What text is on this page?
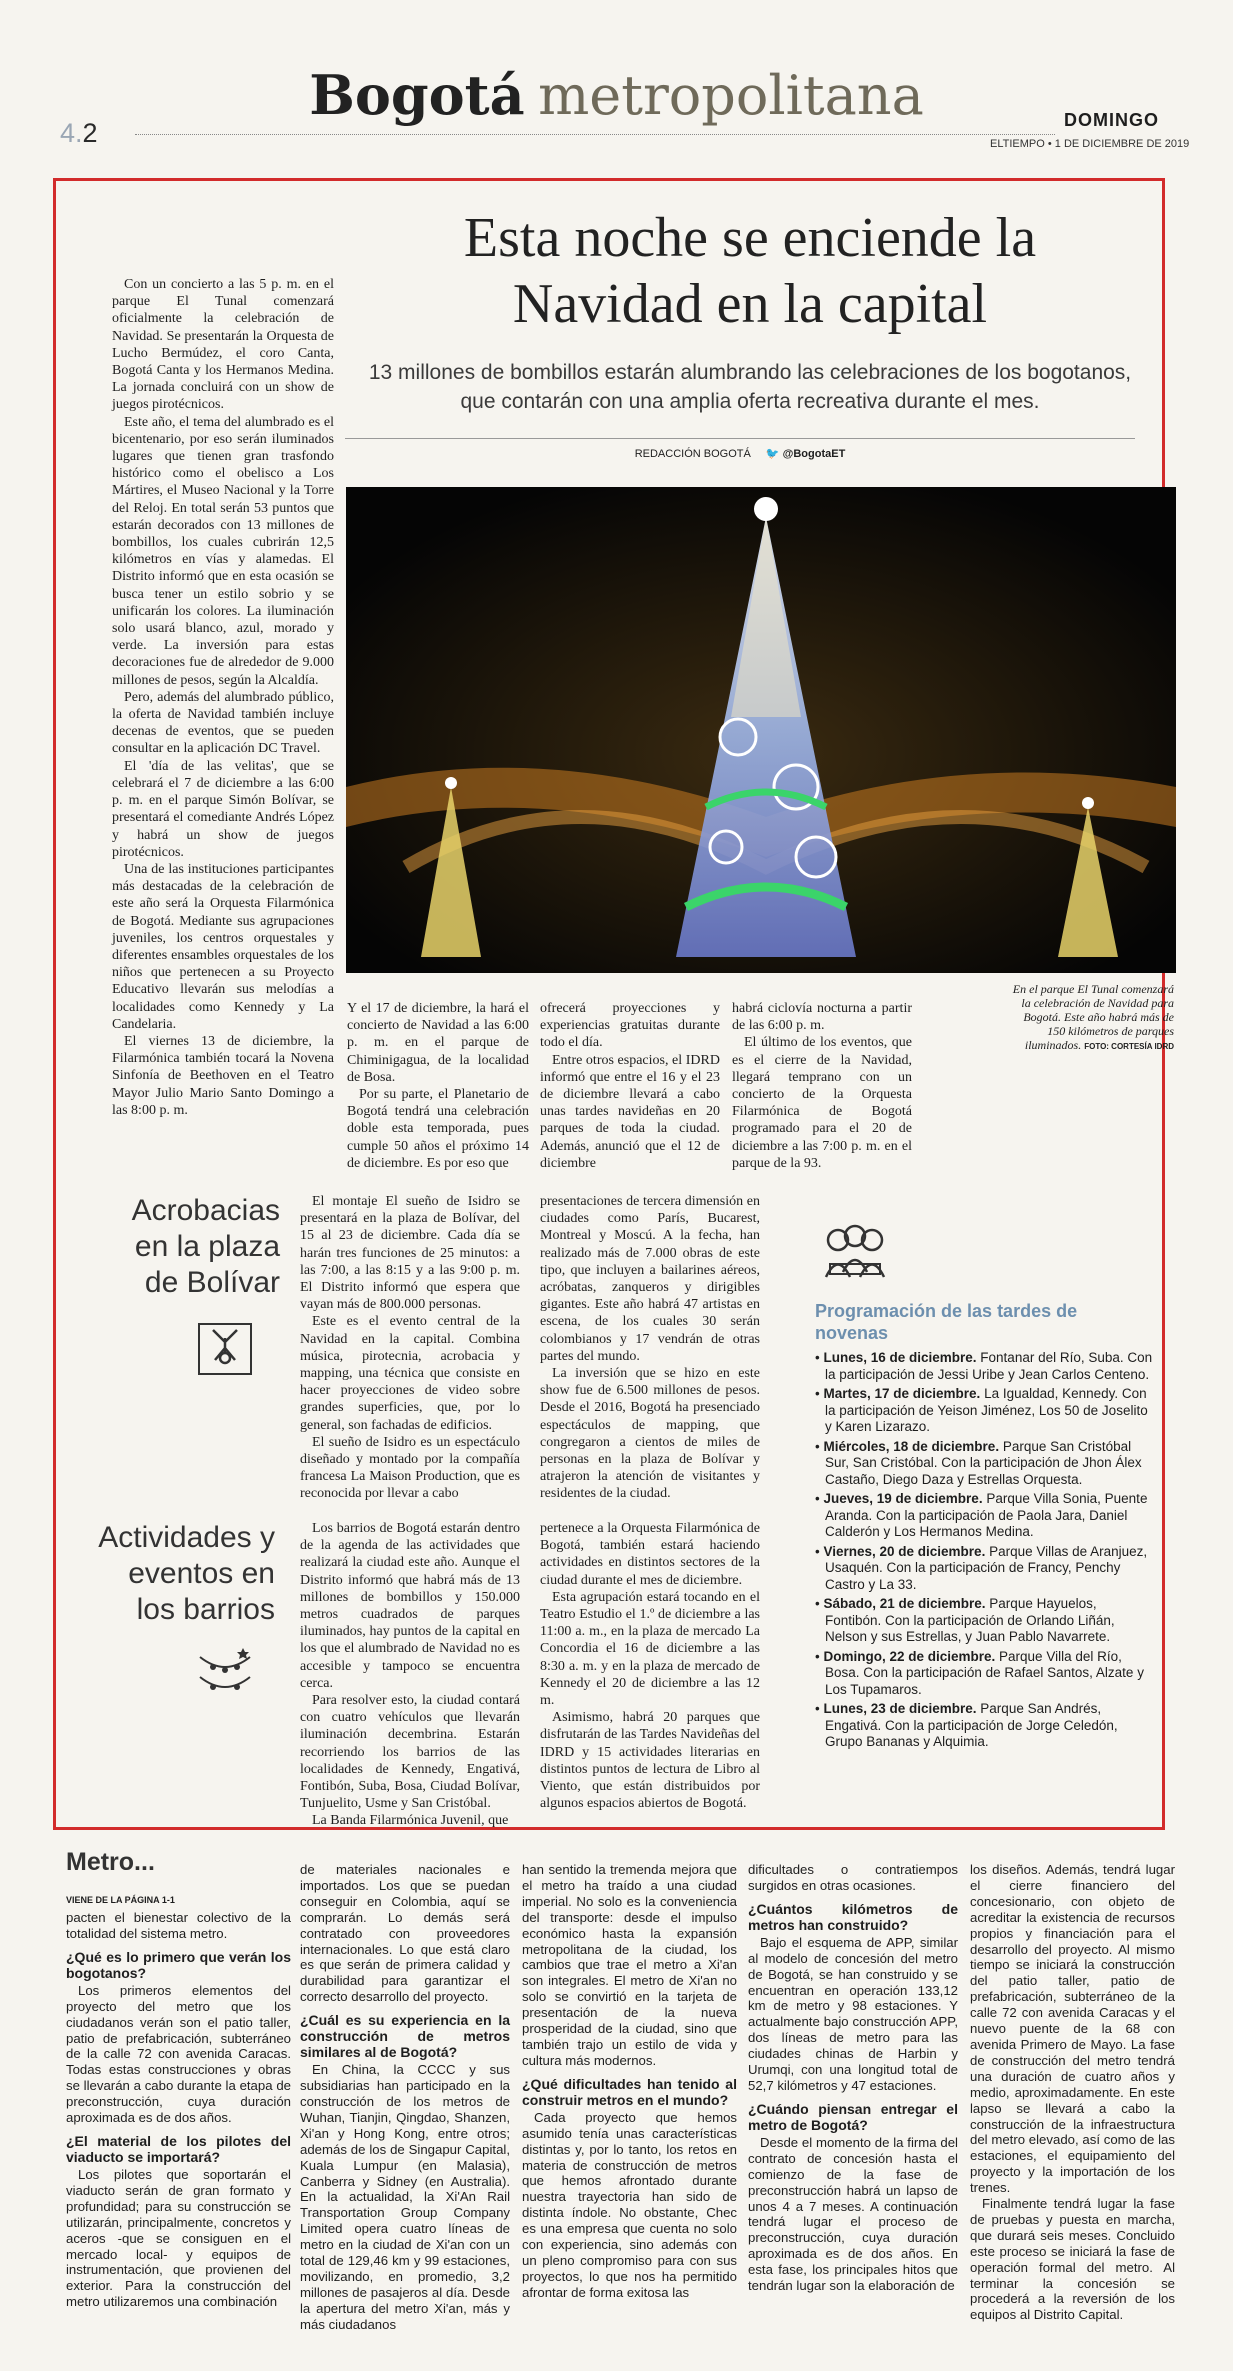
Bogotá metropolitana
4.2	DOMINGO
ELTIEMPO • 1 DE DICIEMBRE DE 2019
Esta noche se enciende la
Navidad en la capital
13 millones de bombillos estarán alumbrando las celebraciones de los bogotanos, que contarán con una amplia oferta recreativa durante el mes.
REDACCIÓN BOGOTÁ 🐦 @BogotaET
En el parque El Tunal comenzará la celebración de Navidad para Bogotá. Este año habrá más de 150 kilómetros de parques iluminados. FOTO: CORTESÍA IDRD

Con un concierto a las 5 p. m. en el parque El Tunal comenzará oficialmente la celebración de Navidad. Se presentarán la Orquesta de Lucho Bermúdez, el coro Canta, Bogotá Canta y los Hermanos Medina. La jornada concluirá con un show de juegos pirotécnicos.

Este año, el tema del alumbrado es el bicentenario, por eso serán iluminados lugares que tienen gran trasfondo histórico como el obelisco a Los Mártires, el Museo Nacional y la Torre del Reloj. En total serán 53 puntos que estarán decorados con 13 millones de bombillos, los cuales cubrirán 12,5 kilómetros en vías y alamedas. El Distrito informó que en esta ocasión se busca tener un estilo sobrio y se unificarán los colores. La iluminación solo usará blanco, azul, morado y verde. La inversión para estas decoraciones fue de alrededor de 9.000 millones de pesos, según la Alcaldía.

Pero, además del alumbrado público, la oferta de Navidad también incluye decenas de eventos, que se pueden consultar en la aplicación DC Travel.

El 'día de las velitas', que se celebrará el 7 de diciembre a las 6:00 p. m. en el parque Simón Bolívar, se presentará el comediante Andrés López y habrá un show de juegos pirotécnicos.

Una de las instituciones participantes más destacadas de la celebración de este año será la Orquesta Filarmónica de Bogotá. Mediante sus agrupaciones juveniles, los centros orquestales y diferentes ensambles orquestales de los niños que pertenecen a su Proyecto Educativo llevarán sus melodías a localidades como Kennedy y La Candelaria.

El viernes 13 de diciembre, la Filarmónica también tocará la Novena Sinfonía de Beethoven en el Teatro Mayor Julio Mario Santo Domingo a las 8:00 p. m.

Y el 17 de diciembre, la hará el concierto de Navidad a las 6:00 p. m. en el parque de Chiminigagua, de la localidad de Bosa.

Por su parte, el Planetario de Bogotá tendrá una celebración doble esta temporada, pues cumple 50 años el próximo 14 de diciembre. Es por eso que

ofrecerá proyecciones y experiencias gratuitas durante todo el día.

Entre otros espacios, el IDRD informó que entre el 16 y el 23 de diciembre llevará a cabo unas tardes navideñas en 20 parques de toda la ciudad. Además, anunció que el 12 de diciembre

habrá ciclovía nocturna a partir de las 6:00 p. m.

El último de los eventos, que es el cierre de la Navidad, llegará temprano con un concierto de la Orquesta Filarmónica de Bogotá programado para el 20 de diciembre a las 7:00 p. m. en el parque de la 93.

Acrobacias
en la plaza
de Bolívar

El montaje El sueño de Isidro se presentará en la plaza de Bolívar, del 15 al 23 de diciembre. Cada día se harán tres funciones de 25 minutos: a las 7:00, a las 8:15 y a las 9:00 p. m. El Distrito informó que espera que vayan más de 800.000 personas.

Este es el evento central de la Navidad en la capital. Combina música, pirotecnia, acrobacia y mapping, una técnica que consiste en hacer proyecciones de video sobre grandes superficies, que, por lo general, son fachadas de edificios.

El sueño de Isidro es un espectáculo diseñado y montado por la compañía francesa La Maison Production, que es reconocida por llevar a cabo

presentaciones de tercera dimensión en ciudades como París, Bucarest, Montreal y Moscú. A la fecha, han realizado más de 7.000 obras de este tipo, que incluyen a bailarines aéreos, acróbatas, zanqueros y dirigibles gigantes. Este año habrá 47 artistas en escena, de los cuales 30 serán colombianos y 17 vendrán de otras partes del mundo.

La inversión que se hizo en este show fue de 6.500 millones de pesos. Desde el 2016, Bogotá ha presenciado espectáculos de mapping, que congregaron a cientos de miles de personas en la plaza de Bolívar y atrajeron la atención de visitantes y residentes de la ciudad.

Actividades y
eventos en
los barrios

Los barrios de Bogotá estarán dentro de la agenda de las actividades que realizará la ciudad este año. Aunque el Distrito informó que habrá más de 13 millones de bombillos y 150.000 metros cuadrados de parques iluminados, hay puntos de la capital en los que el alumbrado de Navidad no es accesible y tampoco se encuentra cerca.

Para resolver esto, la ciudad contará con cuatro vehículos que llevarán iluminación decembrina. Estarán recorriendo los barrios de las localidades de Kennedy, Engativá, Fontibón, Suba, Bosa, Ciudad Bolívar, Tunjuelito, Usme y San Cristóbal.

La Banda Filarmónica Juvenil, que

pertenece a la Orquesta Filarmónica de Bogotá, también estará haciendo actividades en distintos sectores de la ciudad durante el mes de diciembre.

Esta agrupación estará tocando en el Teatro Estudio el 1.º de diciembre a las 11:00 a. m., en la plaza de mercado La Concordia el 16 de diciembre a las 8:30 a. m. y en la plaza de mercado de Kennedy el 20 de diciembre a las 12 m.

Asimismo, habrá 20 parques que disfrutarán de las Tardes Navideñas del IDRD y 15 actividades literarias en distintos puntos de lectura de Libro al Viento, que están distribuidos por algunos espacios abiertos de Bogotá.

Programación de las tardes de novenas
• Lunes, 16 de diciembre. Fontanar del Río, Suba. Con la participación de Jessi Uribe y Jean Carlos Centeno.
• Martes, 17 de diciembre. La Igualdad, Kennedy. Con la participación de Yeison Jiménez, Los 50 de Joselito y Karen Lizarazo.
• Miércoles, 18 de diciembre. Parque San Cristóbal Sur, San Cristóbal. Con la participación de Jhon Álex Castaño, Diego Daza y Estrellas Orquesta.
• Jueves, 19 de diciembre. Parque Villa Sonia, Puente Aranda. Con la participación de Paola Jara, Daniel Calderón y Los Hermanos Medina.
• Viernes, 20 de diciembre. Parque Villas de Aranjuez, Usaquén. Con la participación de Francy, Penchy Castro y La 33.
• Sábado, 21 de diciembre. Parque Hayuelos, Fontibón. Con la participación de Orlando Liñán, Nelson y sus Estrellas, y Juan Pablo Navarrete.
• Domingo, 22 de diciembre. Parque Villa del Río, Bosa. Con la participación de Rafael Santos, Alzate y Los Tupamaros.
• Lunes, 23 de diciembre. Parque San Andrés, Engativá. Con la participación de Jorge Celedón, Grupo Bananas y Alquimia.
Metro...
VIENE DE LA PÁGINA 1-1

pacten el bienestar colectivo de la totalidad del sistema metro.

¿Qué es lo primero que verán los bogotanos?

Los primeros elementos del proyecto del metro que los ciudadanos verán son el patio taller, patio de prefabricación, subterráneo de la calle 72 con avenida Caracas. Todas estas construcciones y obras se llevarán a cabo durante la etapa de preconstrucción, cuya duración aproximada es de dos años.

¿El material de los pilotes del viaducto se importará?

Los pilotes que soportarán el viaducto serán de gran formato y profundidad; para su construcción se utilizarán, principalmente, concretos y aceros -que se consiguen en el mercado local- y equipos de instrumentación, que provienen del exterior. Para la construcción del metro utilizaremos una combinación

de materiales nacionales e importados. Los que se puedan conseguir en Colombia, aquí se comprarán. Lo demás será contratado con proveedores internacionales. Lo que está claro es que serán de primera calidad y durabilidad para garantizar el correcto desarrollo del proyecto.

¿Cuál es su experiencia en la construcción de metros similares al de Bogotá?

En China, la CCCC y sus subsidiarias han participado en la construcción de los metros de Wuhan, Tianjin, Qingdao, Shanzen, Xi'an y Hong Kong, entre otros; además de los de Singapur Capital, Kuala Lumpur (en Malasia), Canberra y Sidney (en Australia). En la actualidad, la Xi'An Rail Transportation Group Company Limited opera cuatro líneas de metro en la ciudad de Xi'an con un total de 129,46 km y 99 estaciones, movilizando, en promedio, 3,2 millones de pasajeros al día. Desde la apertura del metro Xi'an, más y más ciudadanos

han sentido la tremenda mejora que el metro ha traído a una ciudad imperial. No solo es la conveniencia del transporte: desde el impulso económico hasta la expansión metropolitana de la ciudad, los cambios que trae el metro a Xi'an son integrales. El metro de Xi'an no solo se convirtió en la tarjeta de presentación de la nueva prosperidad de la ciudad, sino que también trajo un estilo de vida y cultura más modernos.

¿Qué dificultades han tenido al construir metros en el mundo?

Cada proyecto que hemos asumido tenía unas características distintas y, por lo tanto, los retos en materia de construcción de metros que hemos afrontado durante nuestra trayectoria han sido de distinta índole. No obstante, Chec es una empresa que cuenta no solo con experiencia, sino además con un pleno compromiso para con sus proyectos, lo que nos ha permitido afrontar de forma exitosa las

dificultades o contratiempos surgidos en otras ocasiones.

¿Cuántos kilómetros de metros han construido?

Bajo el esquema de APP, similar al modelo de concesión del metro de Bogotá, se han construido y se encuentran en operación 133,12 km de metro y 98 estaciones. Y actualmente bajo construcción APP, dos líneas de metro para las ciudades chinas de Harbin y Urumqi, con una longitud total de 52,7 kilómetros y 47 estaciones.

¿Cuándo piensan entregar el metro de Bogotá?

Desde el momento de la firma del contrato de concesión hasta el comienzo de la fase de preconstrucción habrá un lapso de unos 4 a 7 meses. A continuación tendrá lugar el proceso de preconstrucción, cuya duración aproximada es de dos años. En esta fase, los principales hitos que tendrán lugar son la elaboración de

los diseños. Además, tendrá lugar el cierre financiero del concesionario, con objeto de acreditar la existencia de recursos propios y financiación para el desarrollo del proyecto. Al mismo tiempo se iniciará la construcción del patio taller, patio de prefabricación, subterráneo de la calle 72 con avenida Caracas y el nuevo puente de la 68 con avenida Primero de Mayo. La fase de construcción del metro tendrá una duración de cuatro años y medio, aproximadamente. En este lapso se llevará a cabo la construcción de la infraestructura del metro elevado, así como de las estaciones, el equipamiento del proyecto y la importación de los trenes.

Finalmente tendrá lugar la fase de pruebas y puesta en marcha, que durará seis meses. Concluido este proceso se iniciará la fase de operación formal del metro. Al terminar la concesión se procederá a la reversión de los equipos al Distrito Capital.
